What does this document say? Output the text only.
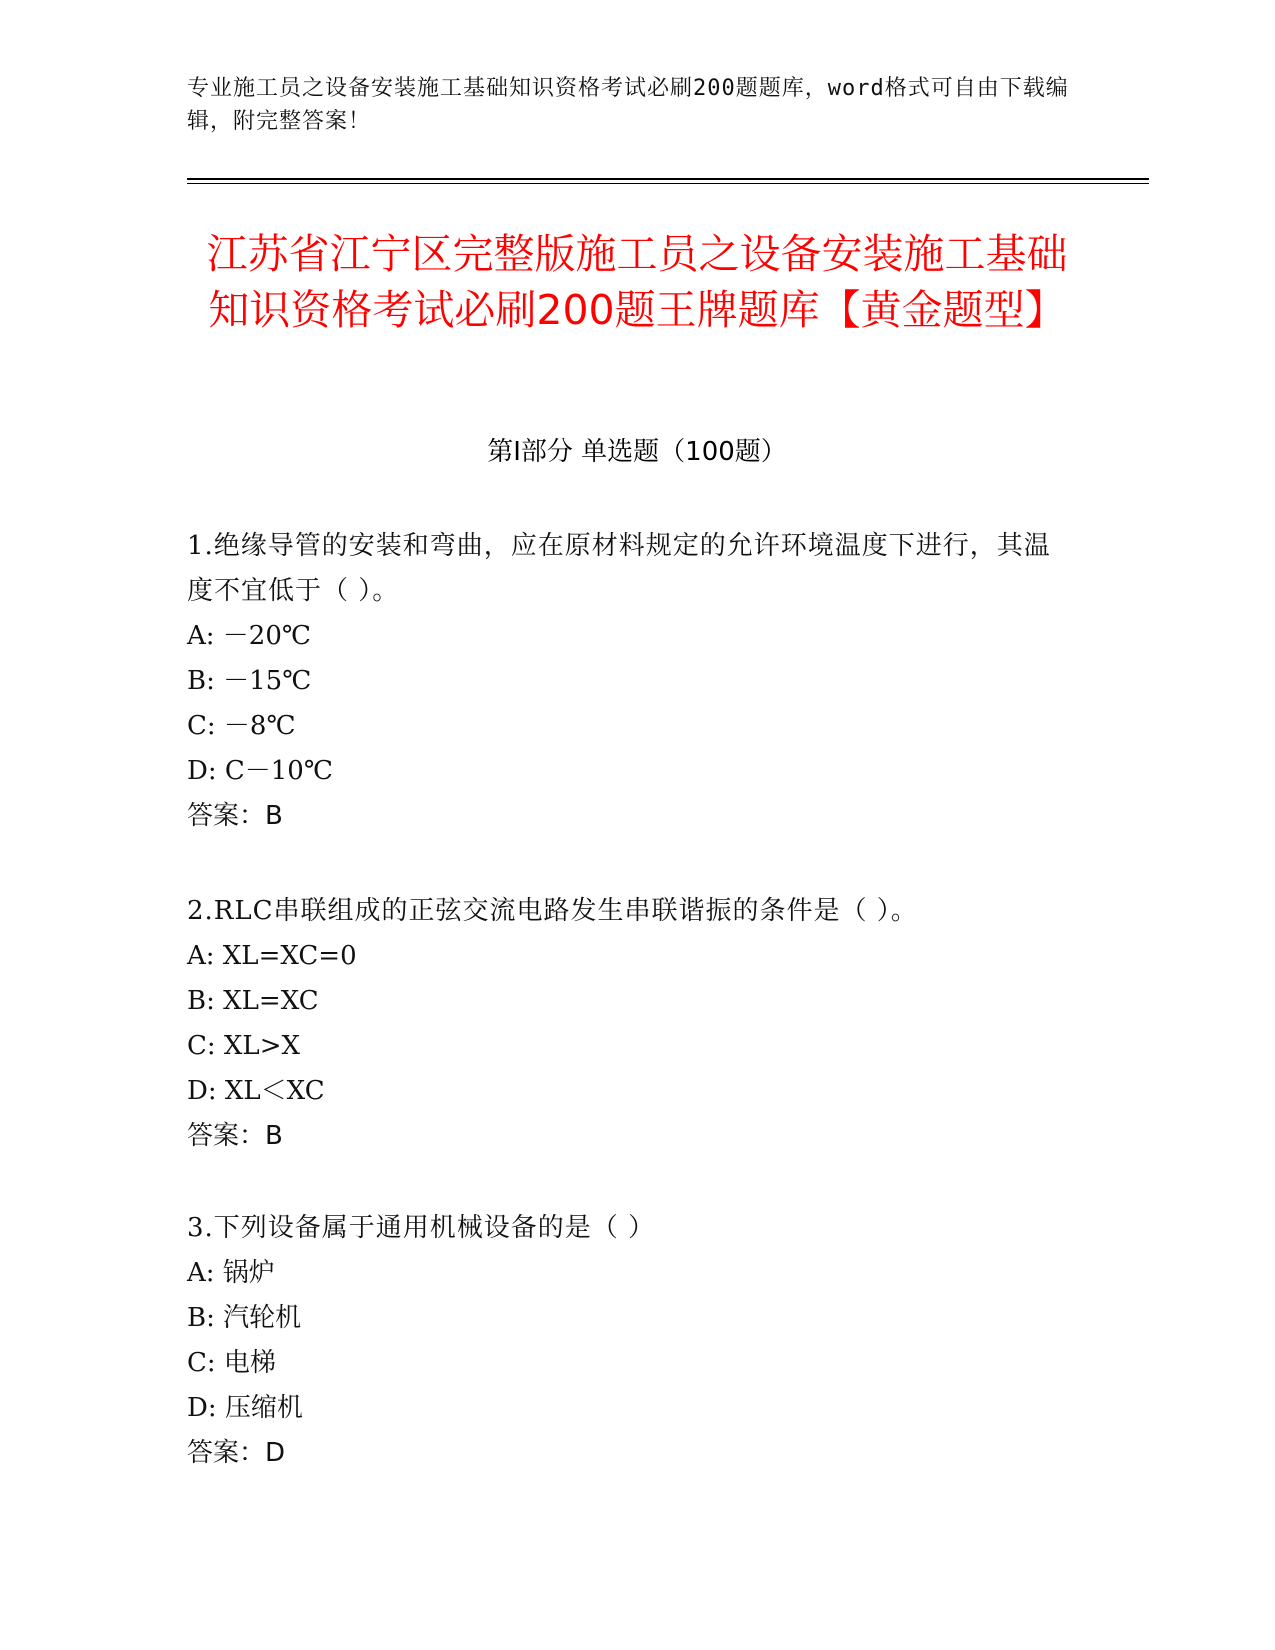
专业施工员之设备安装施工基础知识资格考试必刷200题题库，word格式可自由下载编辑，附完整答案！
江苏省江宁区完整版施工员之设备安装施工基础知识资格考试必刷200题王牌题库【黄金题型】
第Ⅰ部分 单选题（100题）
1.绝缘导管的安装和弯曲，应在原材料规定的允许环境温度下进行，其温度不宜低于（ ）。
A: －20℃
B: －15℃
C: －8℃
D: C－10℃
答案：B
2.RLC串联组成的正弦交流电路发生串联谐振的条件是（ ）。
A: XL=XC=0
B: XL=XC
C: XL>X
D: XL＜XC
答案：B
3.下列设备属于通用机械设备的是（ ）
A: 锅炉
B: 汽轮机
C: 电梯
D: 压缩机
答案：D
